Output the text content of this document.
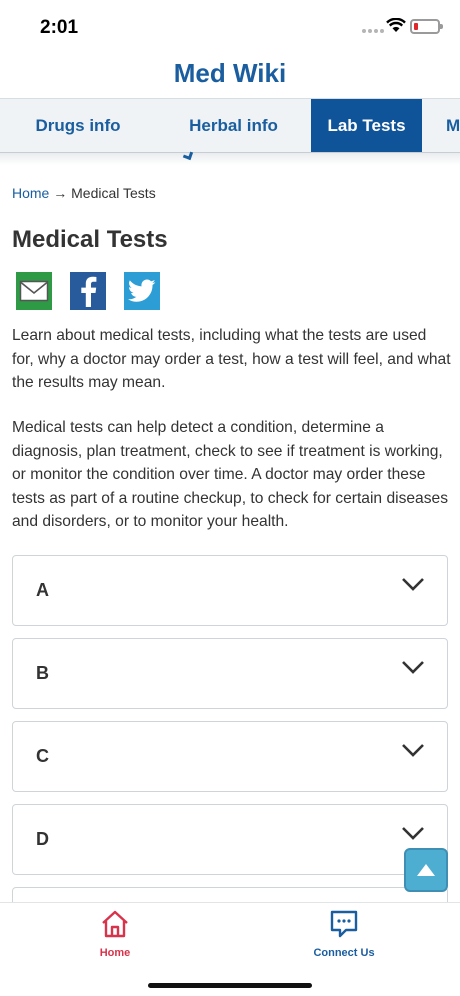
2:01
Med Wiki
Drugs info	Herbal info	Lab Tests	M
Home → Medical Tests
Medical Tests

Learn about medical tests, including what the tests are used for, why a doctor may order a test, how a test will feel, and what the results may mean.

Medical tests can help detect a condition, determine a diagnosis, plan treatment, check to see if treatment is working, or monitor the condition over time. A doctor may order these tests as part of a routine checkup, to check for certain diseases and disorders, or to monitor your health.

A
B
C
D
Home	Connect Us
